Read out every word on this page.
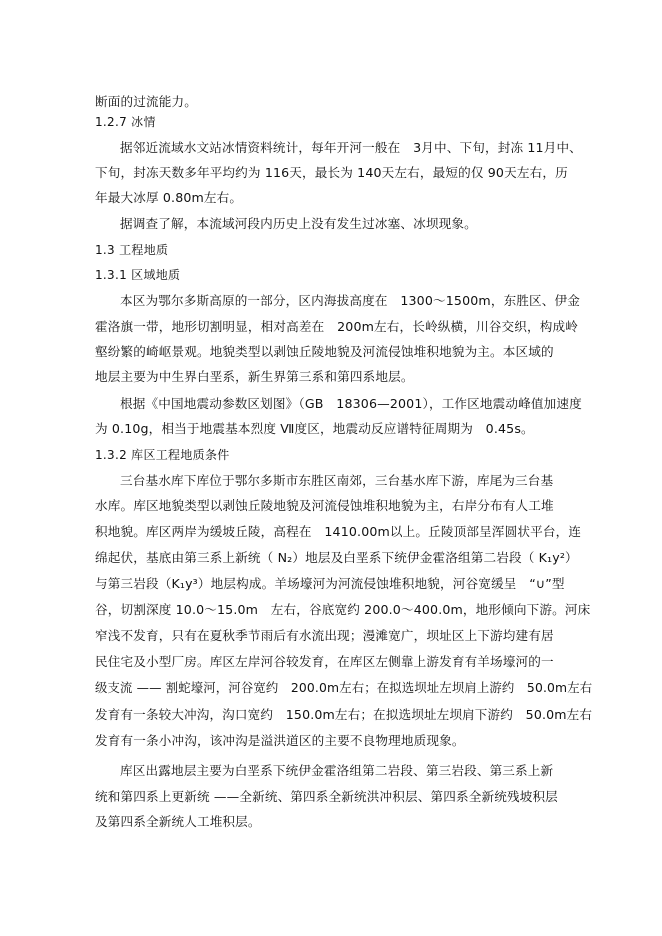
断面的过流能力。
1.2.7 冰情
据邻近流域水文站冰情资料统计，每年开河一般在　3月中、下旬，封冻 11月中、
下旬，封冻天数多年平均约为 116天，最长为 140天左右，最短的仅 90天左右，历
年最大冰厚 0.80m左右。
据调查了解，本流域河段内历史上没有发生过冰塞、冰坝现象。
1.3 工程地质
1.3.1 区域地质
本区为鄂尔多斯高原的一部分，区内海拔高度在　1300～1500m，东胜区、伊金
霍洛旗一带，地形切割明显，相对高差在　200m左右，长岭纵横，川谷交织，构成岭
壑纷繁的崎岖景观。地貌类型以剥蚀丘陵地貌及河流侵蚀堆积地貌为主。本区域的
地层主要为中生界白垩系，新生界第三系和第四系地层。
根据《中国地震动参数区划图》（GB　18306—2001），工作区地震动峰值加速度
为 0.10g，相当于地震基本烈度 Ⅶ度区，地震动反应谱特征周期为　0.45s。
1.3.2 库区工程地质条件
三台基水库下库位于鄂尔多斯市东胜区南郊，三台基水库下游，库尾为三台基
水库。库区地貌类型以剥蚀丘陵地貌及河流侵蚀堆积地貌为主，右岸分布有人工堆
积地貌。库区两岸为缓坡丘陵，高程在　1410.00m以上。丘陵顶部呈浑圆状平台，连
绵起伏，基底由第三系上新统（ N₂）地层及白垩系下统伊金霍洛组第二岩段（ K₁y²）
与第三岩段（K₁y³）地层构成。羊场壕河为河流侵蚀堆积地貌，河谷宽缓呈　“∪”型
谷，切割深度 10.0～15.0m　左右，谷底宽约 200.0～400.0m，地形倾向下游。河床
窄浅不发育，只有在夏秋季节雨后有水流出现；漫滩宽广，坝址区上下游均建有居
民住宅及小型厂房。库区左岸河谷较发育，在库区左侧靠上游发育有羊场壕河的一
级支流 —— 割蛇壕河，河谷宽约　200.0m左右；在拟选坝址左坝肩上游约　50.0m左右
发育有一条较大冲沟，沟口宽约　150.0m左右；在拟选坝址左坝肩下游约　50.0m左右
发育有一条小冲沟，该冲沟是溢洪道区的主要不良物理地质现象。
库区出露地层主要为白垩系下统伊金霍洛组第二岩段、第三岩段、第三系上新
统和第四系上更新统 ——全新统、第四系全新统洪冲积层、第四系全新统残坡积层
及第四系全新统人工堆积层。
